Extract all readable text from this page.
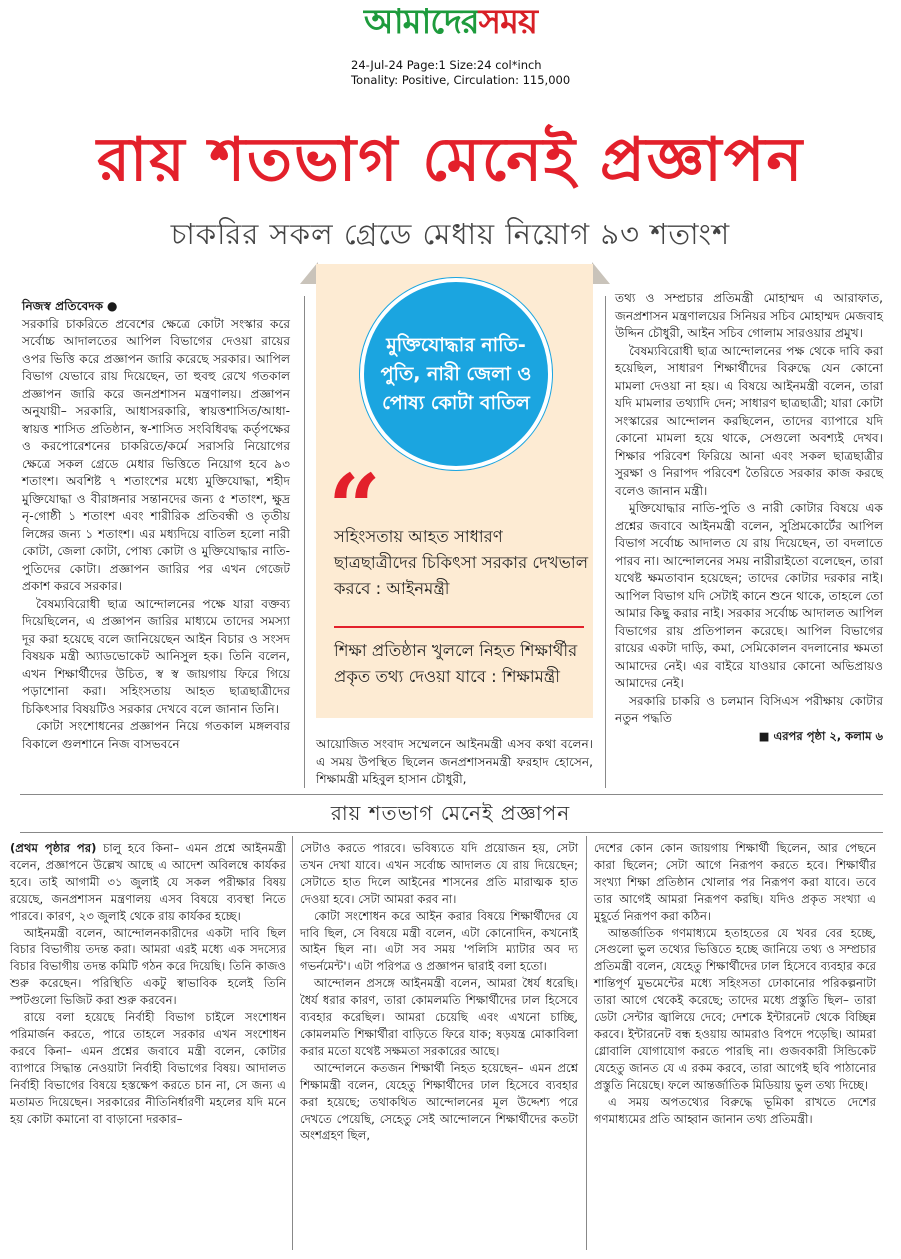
আমাদেরসময়
24-Jul-24 Page:1 Size:24 col*inch
Tonality: Positive, Circulation: 115,000
রায় শতভাগ মেনেই প্রজ্ঞাপন
চাকরির সকল গ্রেডে মেধায় নিয়োগ ৯৩ শতাংশ

নিজস্ব প্রতিবেদক ●

সরকারি চাকরিতে প্রবেশের ক্ষেত্রে কোটা সংস্কার করে সর্বোচ্চ আদালতের আপিল বিভাগের দেওয়া রায়ের ওপর ভিত্তি করে প্রজ্ঞাপন জারি করেছে সরকার। আপিল বিভাগ যেভাবে রায় দিয়েছেন, তা হুবহু রেখে গতকাল প্রজ্ঞাপন জারি করে জনপ্রশাসন মন্ত্রণালয়। প্রজ্ঞাপন অনুযায়ী– সরকারি, আধাসরকারি, স্বায়ত্তশাসিত/আধা-স্বায়ত্ত শাসিত প্রতিষ্ঠান, স্ব-শাসিত সংবিধিবদ্ধ কর্তৃপক্ষের ও করপোরেশনের চাকরিতে/কর্মে সরাসরি নিয়োগের ক্ষেত্রে সকল গ্রেডে মেধার ভিত্তিতে নিয়োগ হবে ৯৩ শতাংশ। অবশিষ্ট ৭ শতাংশের মধ্যে মুক্তিযোদ্ধা, শহীদ মুক্তিযোদ্ধা ও বীরাঙ্গনার সন্তানদের জন্য ৫ শতাংশ, ক্ষুদ্র নৃ-গোষ্ঠী ১ শতাংশ এবং শারীরিক প্রতিবন্ধী ও তৃতীয় লিঙ্গের জন্য ১ শতাংশ। এর মধ্যদিয়ে বাতিল হলো নারী কোটা, জেলা কোটা, পোষ্য কোটা ও মুক্তিযোদ্ধার নাতি-পুতিদের কোটা। প্রজ্ঞাপন জারির পর এখন গেজেট প্রকাশ করবে সরকার।

বৈষম্যবিরোধী ছাত্র আন্দোলনের পক্ষে যারা বক্তব্য দিয়েছিলেন, এ প্রজ্ঞাপন জারির মাধ্যমে তাদের সমস্যা দূর করা হয়েছে বলে জানিয়েছেন আইন বিচার ও সংসদ বিষয়ক মন্ত্রী অ্যাডভোকেট আনিসুল হক। তিনি বলেন, এখন শিক্ষার্থীদের উচিত, স্ব স্ব জায়গায় ফিরে গিয়ে পড়াশোনা করা। সহিংসতায় আহত ছাত্রছাত্রীদের চিকিৎসার বিষয়টিও সরকার দেখবে বলে জানান তিনি।

কোটা সংশোধনের প্রজ্ঞাপন নিয়ে গতকাল মঙ্গলবার বিকালে গুলশানে নিজ বাসভবনে

মুক্তিযোদ্ধার নাতি-পুতি, নারী জেলা ও পোষ্য কোটা বাতিল
“
সহিংসতায় আহত সাধারণ ছাত্রছাত্রীদের চিকিৎসা সরকার দেখভাল করবে : আইনমন্ত্রী
শিক্ষা প্রতিষ্ঠান খুললে নিহত শিক্ষার্থীর প্রকৃত তথ্য দেওয়া যাবে : শিক্ষামন্ত্রী

আয়োজিত সংবাদ সম্মেলনে আইনমন্ত্রী এসব কথা বলেন। এ সময় উপস্থিত ছিলেন জনপ্রশাসনমন্ত্রী ফরহাদ হোসেন, শিক্ষামন্ত্রী মহিবুল হাসান চৌধুরী,

তথ্য ও সম্প্রচার প্রতিমন্ত্রী মোহাম্মদ এ আরাফাত, জনপ্রশাসন মন্ত্রণালয়ের সিনিয়র সচিব মোহাম্মদ মেজবাহ উদ্দিন চৌধুরী, আইন সচিব গোলাম সারওয়ার প্রমুখ।

বৈষম্যবিরোধী ছাত্র আন্দোলনের পক্ষ থেকে দাবি করা হয়েছিল, সাধারণ শিক্ষার্থীদের বিরুদ্ধে যেন কোনো মামলা দেওয়া না হয়। এ বিষয়ে আইনমন্ত্রী বলেন, তারা যদি মামলার তথ্যাদি দেন; সাধারণ ছাত্রছাত্রী; যারা কোটা সংস্কারের আন্দোলন করছিলেন, তাদের ব্যাপারে যদি কোনো মামলা হয়ে থাকে, সেগুলো অবশ্যই দেখব। শিক্ষার পরিবেশ ফিরিয়ে আনা এবং সকল ছাত্রছাত্রীর সুরক্ষা ও নিরাপদ পরিবেশ তৈরিতে সরকার কাজ করছে বলেও জানান মন্ত্রী।

মুক্তিযোদ্ধার নাতি-পুতি ও নারী কোটার বিষয়ে এক প্রশ্নের জবাবে আইনমন্ত্রী বলেন, সুপ্রিমকোর্টের আপিল বিভাগ সর্বোচ্চ আদালত যে রায় দিয়েছেন, তা বদলাতে পারব না। আন্দোলনের সময় নারীরাইতো বলেছেন, তারা যথেষ্ট ক্ষমতাবান হয়েছেন; তাদের কোটার দরকার নাই। আপিল বিভাগ যদি সেটাই কানে শুনে থাকে, তাহলে তো আমার কিছু করার নাই। সরকার সর্বোচ্চ আদালত আপিল বিভাগের রায় প্রতিপালন করেছে। আপিল বিভাগের রায়ের একটা দাড়ি, কমা, সেমিকোলন বদলানোর ক্ষমতা আমাদের নেই। এর বাইরে যাওয়ার কোনো অভিপ্রায়ও আমাদের নেই।

সরকারি চাকরি ও চলমান বিসিএস পরীক্ষায় কোটার নতুন পদ্ধতি

■ এরপর পৃষ্ঠা ২, কলাম ৬

রায় শতভাগ মেনেই প্রজ্ঞাপন

(প্রথম পৃষ্ঠার পর) চালু হবে কিনা– এমন প্রশ্নে আইনমন্ত্রী বলেন, প্রজ্ঞাপনে উল্লেখ আছে এ আদেশ অবিলম্বে কার্যকর হবে। তাই আগামী ৩১ জুলাই যে সকল পরীক্ষার বিষয় রয়েছে, জনপ্রশাসন মন্ত্রণালয় এসব বিষয়ে ব্যবস্থা নিতে পারবে। কারণ, ২৩ জুলাই থেকে রায় কার্যকর হচ্ছে।

আইনমন্ত্রী বলেন, আন্দোলনকারীদের একটা দাবি ছিল বিচার বিভাগীয় তদন্ত করা। আমরা এরই মধ্যে এক সদস্যের বিচার বিভাগীয় তদন্ত কমিটি গঠন করে দিয়েছি। তিনি কাজও শুরু করেছেন। পরিস্থিতি একটু স্বাভাবিক হলেই তিনি স্পটগুলো ভিজিট করা শুরু করবেন।

রায়ে বলা হয়েছে নির্বাহী বিভাগ চাইলে সংশোধন পরিমার্জন করতে, পারে তাহলে সরকার এখন সংশোধন করবে কিনা– এমন প্রশ্নের জবাবে মন্ত্রী বলেন, কোটার ব্যাপারে সিদ্ধান্ত নেওয়াটা নির্বাহী বিভাগের বিষয়। আদালত নির্বাহী বিভাগের বিষয়ে হস্তক্ষেপ করতে চান না, সে জন্য এ মতামত দিয়েছেন। সরকারের নীতিনির্ধারণী মহলের যদি মনে হয় কোটা কমানো বা বাড়ানো দরকার–

সেটাও করতে পারবে। ভবিষ্যতে যদি প্রয়োজন হয়, সেটা তখন দেখা যাবে। এখন সর্বোচ্চ আদালত যে রায় দিয়েছেন; সেটাতে হাত দিলে আইনের শাসনের প্রতি মারাত্মক হাত দেওয়া হবে। সেটা আমরা করব না।

কোটা সংশোধন করে আইন করার বিষয়ে শিক্ষার্থীদের যে দাবি ছিল, সে বিষয়ে মন্ত্রী বলেন, এটা কোনোদিন, কখনোই আইন ছিল না। এটা সব সময় 'পলিসি ম্যাটার অব দ্য গভর্নমেন্ট'। এটা পরিপত্র ও প্রজ্ঞাপন দ্বারাই বলা হতো।

আন্দোলন প্রসঙ্গে আইনমন্ত্রী বলেন, আমরা ধৈর্য ধরেছি। ধৈর্য ধরার কারণ, তারা কোমলমতি শিক্ষার্থীদের ঢাল হিসেবে ব্যবহার করেছিল। আমরা চেয়েছি এবং এখনো চাচ্ছি, কোমলমতি শিক্ষার্থীরা বাড়িতে ফিরে যাক; ষড়যন্ত্র মোকাবিলা করার মতো যথেষ্ট সক্ষমতা সরকারের আছে।

আন্দোলনে কতজন শিক্ষার্থী নিহত হয়েছেন– এমন প্রশ্নে শিক্ষামন্ত্রী বলেন, যেহেতু শিক্ষার্থীদের ঢাল হিসেবে ব্যবহার করা হয়েছে; তথাকথিত আন্দোলনের মূল উদ্দেশ্য পরে দেখতে পেয়েছি, সেহেতু সেই আন্দোলনে শিক্ষার্থীদের কতটা অংশগ্রহণ ছিল,

দেশের কোন কোন জায়গায় শিক্ষার্থী ছিলেন, আর পেছনে কারা ছিলেন; সেটা আগে নিরূপণ করতে হবে। শিক্ষার্থীর সংখ্যা শিক্ষা প্রতিষ্ঠান খোলার পর নিরূপণ করা যাবে। তবে তার আগেই আমরা নিরূপণ করছি। যদিও প্রকৃত সংখ্যা এ মুহূর্তে নিরূপণ করা কঠিন।

আন্তর্জাতিক গণমাধ্যমে হতাহতের যে খবর বের হচ্ছে, সেগুলো ভুল তথ্যের ভিত্তিতে হচ্ছে জানিয়ে তথ্য ও সম্প্রচার প্রতিমন্ত্রী বলেন, যেহেতু শিক্ষার্থীদের ঢাল হিসেবে ব্যবহার করে শান্তিপূর্ণ মুভমেন্টের মধ্যে সহিংসতা ঢোকানোর পরিকল্পনাটা তারা আগে থেকেই করেছে; তাদের মধ্যে প্রস্তুতি ছিল– তারা ডেটা সেন্টার জ্বালিয়ে দেবে; দেশকে ইন্টারনেট থেকে বিচ্ছিন্ন করবে। ইন্টারনেট বন্ধ হওয়ায় আমরাও বিপদে পড়েছি। আমরা গ্লোবালি যোগাযোগ করতে পারছি না। গুজবকারী সিন্ডিকেট যেহেতু জানত যে এ রকম করবে, তারা আগেই ছবি পাঠানোর প্রস্তুতি নিয়েছে। ফলে আন্তর্জাতিক মিডিয়ায় ভুল তথ্য দিচ্ছে।

এ সময় অপতথ্যের বিরুদ্ধে ভূমিকা রাখতে দেশের গণমাধ্যমের প্রতি আহ্বান জানান তথ্য প্রতিমন্ত্রী।
